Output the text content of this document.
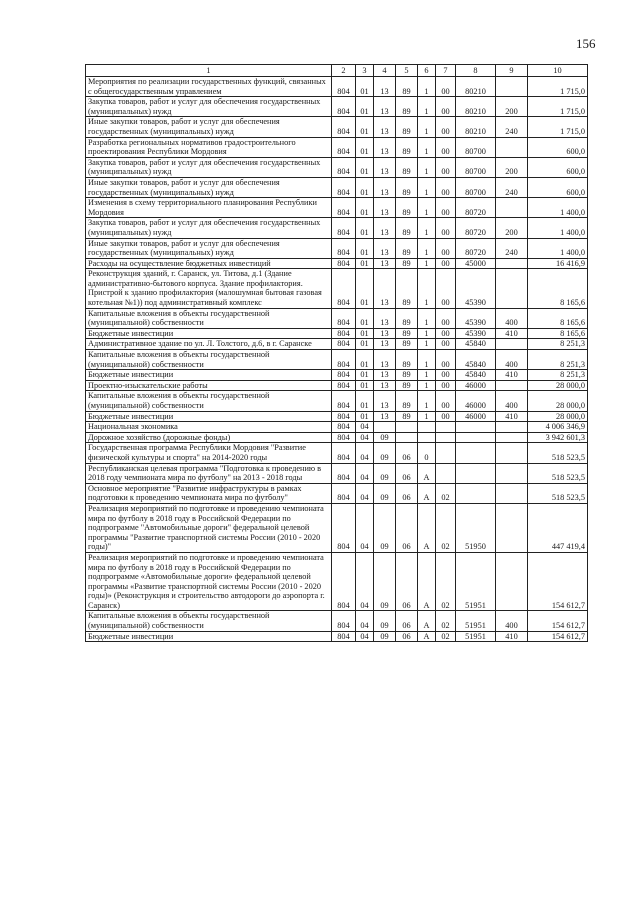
156
1	2	3	4	5	6	7	8	9	10
Мероприятия по реализации государственных функций, связанных с общегосударственным управлением	804	01	13	89	1	00	80210		1 715,0
Закупка товаров, работ и услуг для обеспечения государственных (муниципальных) нужд	804	01	13	89	1	00	80210	200	1 715,0
Иные закупки товаров, работ и услуг для обеспечения государственных (муниципальных) нужд	804	01	13	89	1	00	80210	240	1 715,0
Разработка региональных нормативов градостроительного проектирования Республики Мордовия	804	01	13	89	1	00	80700		600,0
Закупка товаров, работ и услуг для обеспечения государственных (муниципальных) нужд	804	01	13	89	1	00	80700	200	600,0
Иные закупки товаров, работ и услуг для обеспечения государственных (муниципальных) нужд	804	01	13	89	1	00	80700	240	600,0
Изменения в схему территориального планирования Республики Мордовия	804	01	13	89	1	00	80720		1 400,0
Закупка товаров, работ и услуг для обеспечения государственных (муниципальных) нужд	804	01	13	89	1	00	80720	200	1 400,0
Иные закупки товаров, работ и услуг для обеспечения государственных (муниципальных) нужд	804	01	13	89	1	00	80720	240	1 400,0
Расходы на осуществление бюджетных инвестиций	804	01	13	89	1	00	45000		16 416,9
Реконструкция зданий, г. Саранск, ул. Титова, д.1 (Здание административно-бытового корпуса. Здание профилактория. Пристрой к зданию профилактория (малошумная бытовая газовая котельная №1)) под административный комплекс	804	01	13	89	1	00	45390		8 165,6
Капитальные вложения в объекты государственной (муниципальной) собственности	804	01	13	89	1	00	45390	400	8 165,6
Бюджетные инвестиции	804	01	13	89	1	00	45390	410	8 165,6
Административное здание по ул. Л. Толстого, д.6, в г. Саранске	804	01	13	89	1	00	45840		8 251,3
Капитальные вложения в объекты государственной (муниципальной) собственности	804	01	13	89	1	00	45840	400	8 251,3
Бюджетные инвестиции	804	01	13	89	1	00	45840	410	8 251,3
Проектно-изыскательские работы	804	01	13	89	1	00	46000		28 000,0
Капитальные вложения в объекты государственной (муниципальной) собственности	804	01	13	89	1	00	46000	400	28 000,0
Бюджетные инвестиции	804	01	13	89	1	00	46000	410	28 000,0
Национальная экономика	804	04							4 006 346,9
Дорожное хозяйство (дорожные фонды)	804	04	09						3 942 601,3
Государственная программа Республики Мордовия "Развитие физической культуры и спорта" на 2014-2020 годы	804	04	09	06	0				518 523,5
Республиканская целевая программа "Подготовка к проведению в 2018 году чемпионата мира по футболу" на 2013 - 2018 годы	804	04	09	06	А				518 523,5
Основное мероприятие "Развитие инфраструктуры в рамках подготовки к проведению чемпионата мира по футболу"	804	04	09	06	А	02			518 523,5
Реализация мероприятий по подготовке и проведению чемпионата мира по футболу в 2018 году в Российской Федерации по подпрограмме "Автомобильные дороги" федеральной целевой программы "Развитие транспортной системы России (2010 - 2020 годы)"	804	04	09	06	А	02	51950		447 419,4
Реализация мероприятий по подготовке и проведению чемпионата мира по футболу в 2018 году в Российской Федерации по подпрограмме «Автомобильные дороги» федеральной целевой программы «Развитие транспортной системы России (2010 - 2020 годы)» (Реконструкция и строительство автодороги до аэропорта г. Саранск)	804	04	09	06	А	02	51951		154 612,7
Капитальные вложения в объекты государственной (муниципальной) собственности	804	04	09	06	А	02	51951	400	154 612,7
Бюджетные инвестиции	804	04	09	06	А	02	51951	410	154 612,7
